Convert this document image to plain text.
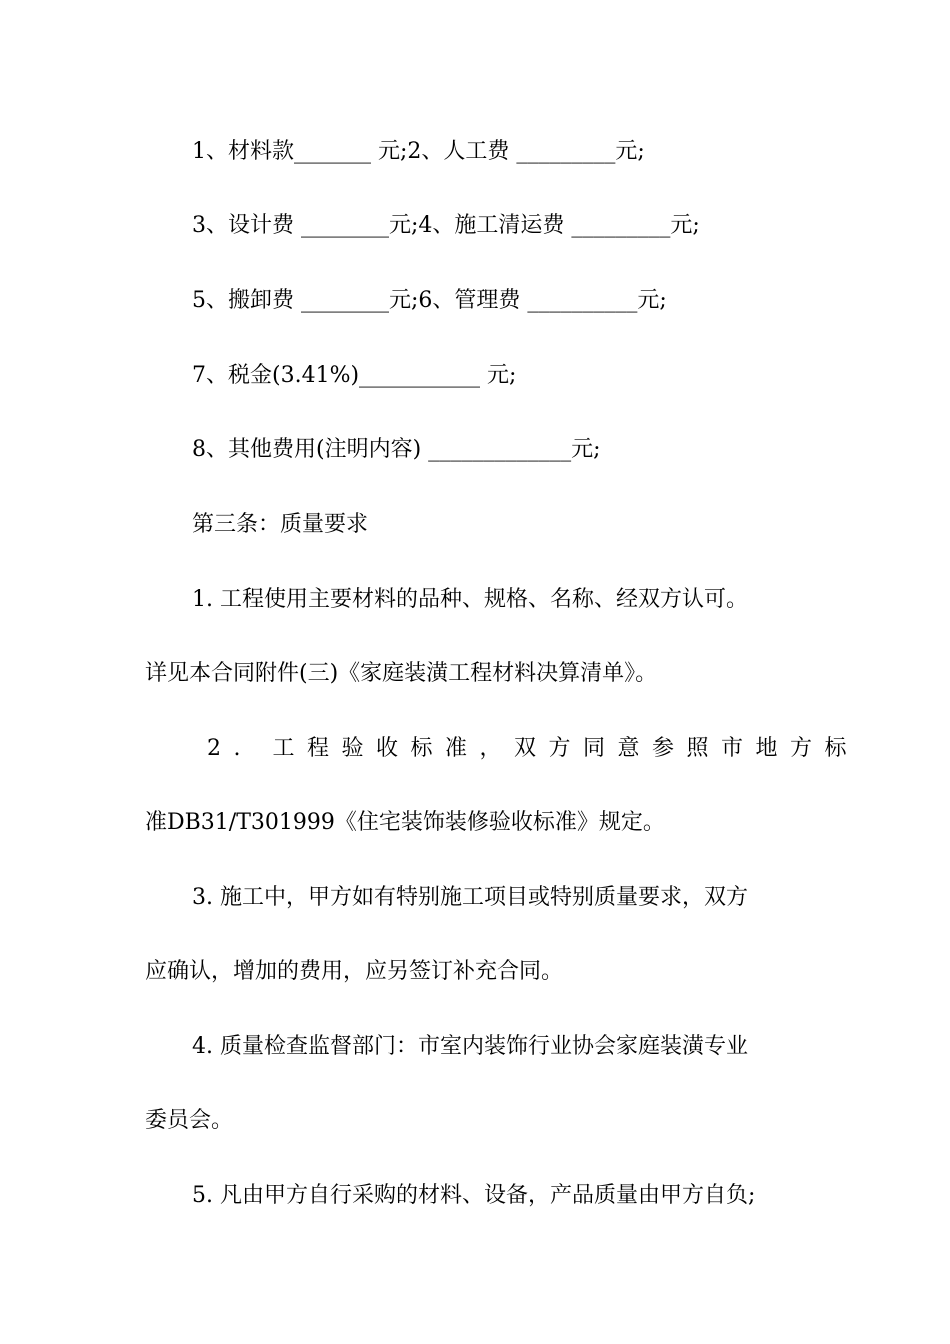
1、材料款_______ 元;2、人工费 _________元;
3、设计费 ________元;4、施工清运费 _________元;
5、搬卸费 ________元;6、管理费 __________元;
7、税金(3.41%)___________ 元;
8、其他费用(注明内容) _____________元;
第三条：质量要求
1. 工程使用主要材料的品种、规格、名称、经双方认可。
详见本合同附件(三)《家庭装潢工程材料决算清单》。
2. 工程验收标准，双方同意参照市地方标
准DB31/T301999《住宅装饰装修验收标准》规定。
3. 施工中，甲方如有特别施工项目或特别质量要求，双方
应确认，增加的费用，应另签订补充合同。
4. 质量检查监督部门：市室内装饰行业协会家庭装潢专业
委员会。
5. 凡由甲方自行采购的材料、设备，产品质量由甲方自负;
